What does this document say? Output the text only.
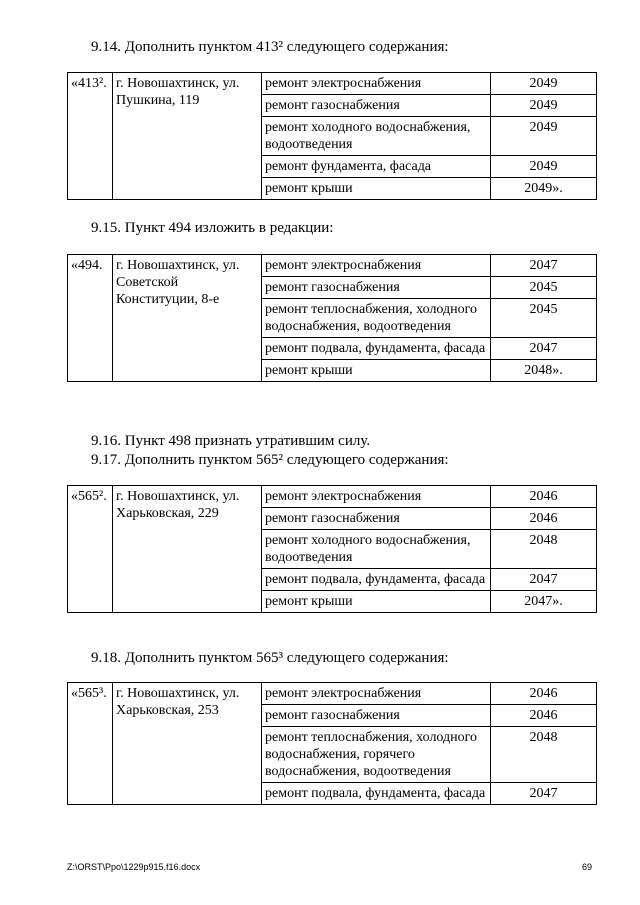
9.14. Дополнить пунктом 413² следующего содержания:
«413².	г. Новошахтинск, ул. Пушкина, 119	ремонт электроснабжения	2049
		ремонт газоснабжения	2049
		ремонт холодного водоснабжения, водоотведения	2049
		ремонт фундамента, фасада	2049
		ремонт крыши	2049».
9.15. Пункт 494 изложить в редакции:
«494.	г. Новошахтинск, ул. Советской Конституции, 8-е	ремонт электроснабжения	2047
		ремонт газоснабжения	2045
		ремонт теплоснабжения, холодного водоснабжения, водоотведения	2045
		ремонт подвала, фундамента, фасада	2047
		ремонт крыши	2048».
9.16. Пункт 498 признать утратившим силу.
9.17. Дополнить пунктом 565² следующего содержания:
«565².	г. Новошахтинск, ул. Харьковская, 229	ремонт электроснабжения	2046
		ремонт газоснабжения	2046
		ремонт холодного водоснабжения, водоотведения	2048
		ремонт подвала, фундамента, фасада	2047
		ремонт крыши	2047».
9.18. Дополнить пунктом 565³ следующего содержания:
«565³.	г. Новошахтинск, ул. Харьковская, 253	ремонт электроснабжения	2046
		ремонт газоснабжения	2046
		ремонт теплоснабжения, холодного водоснабжения, горячего водоснабжения, водоотведения	2048
		ремонт подвала, фундамента, фасада	2047
Z:\ORST\Ppo\1229p915.f16.docx	69
